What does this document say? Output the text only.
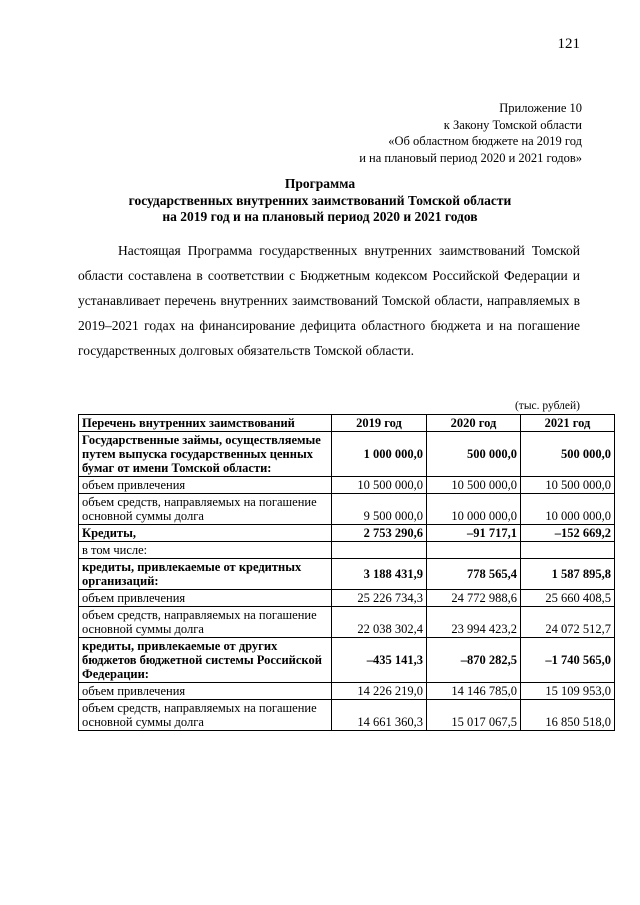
121
Приложение 10
к Закону Томской области
«Об областном бюджете на 2019 год
и на плановый период 2020 и 2021 годов»
Программа
государственных внутренних заимствований Томской области
на 2019 год и на плановый период 2020 и 2021 годов

Настоящая Программа государственных внутренних заимствований Томской области составлена в соответствии с Бюджетным кодексом Российской Федерации и устанавливает перечень внутренних заимствований Томской области, направляемых в 2019–2021 годах на финансирование дефицита областного бюджета и на погашение государственных долговых обязательств Томской области.

(тыс. рублей)
Перечень внутренних заимствований	2019 год	2020 год	2021 год
Государственные займы, осуществляемые путем выпуска государственных ценных бумаг от имени Томской области:	1 000 000,0	500 000,0	500 000,0
объем привлечения	10 500 000,0	10 500 000,0	10 500 000,0
объем средств, направляемых на погашение основной суммы долга	9 500 000,0	10 000 000,0	10 000 000,0
Кредиты,	2 753 290,6	–91 717,1	–152 669,2
в том числе:			
кредиты, привлекаемые от кредитных организаций:	3 188 431,9	778 565,4	1 587 895,8
объем привлечения	25 226 734,3	24 772 988,6	25 660 408,5
объем средств, направляемых на погашение основной суммы долга	22 038 302,4	23 994 423,2	24 072 512,7
кредиты, привлекаемые от других бюджетов бюджетной системы Российской Федерации:	–435 141,3	–870 282,5	–1 740 565,0
объем привлечения	14 226 219,0	14 146 785,0	15 109 953,0
объем средств, направляемых на погашение основной суммы долга	14 661 360,3	15 017 067,5	16 850 518,0
